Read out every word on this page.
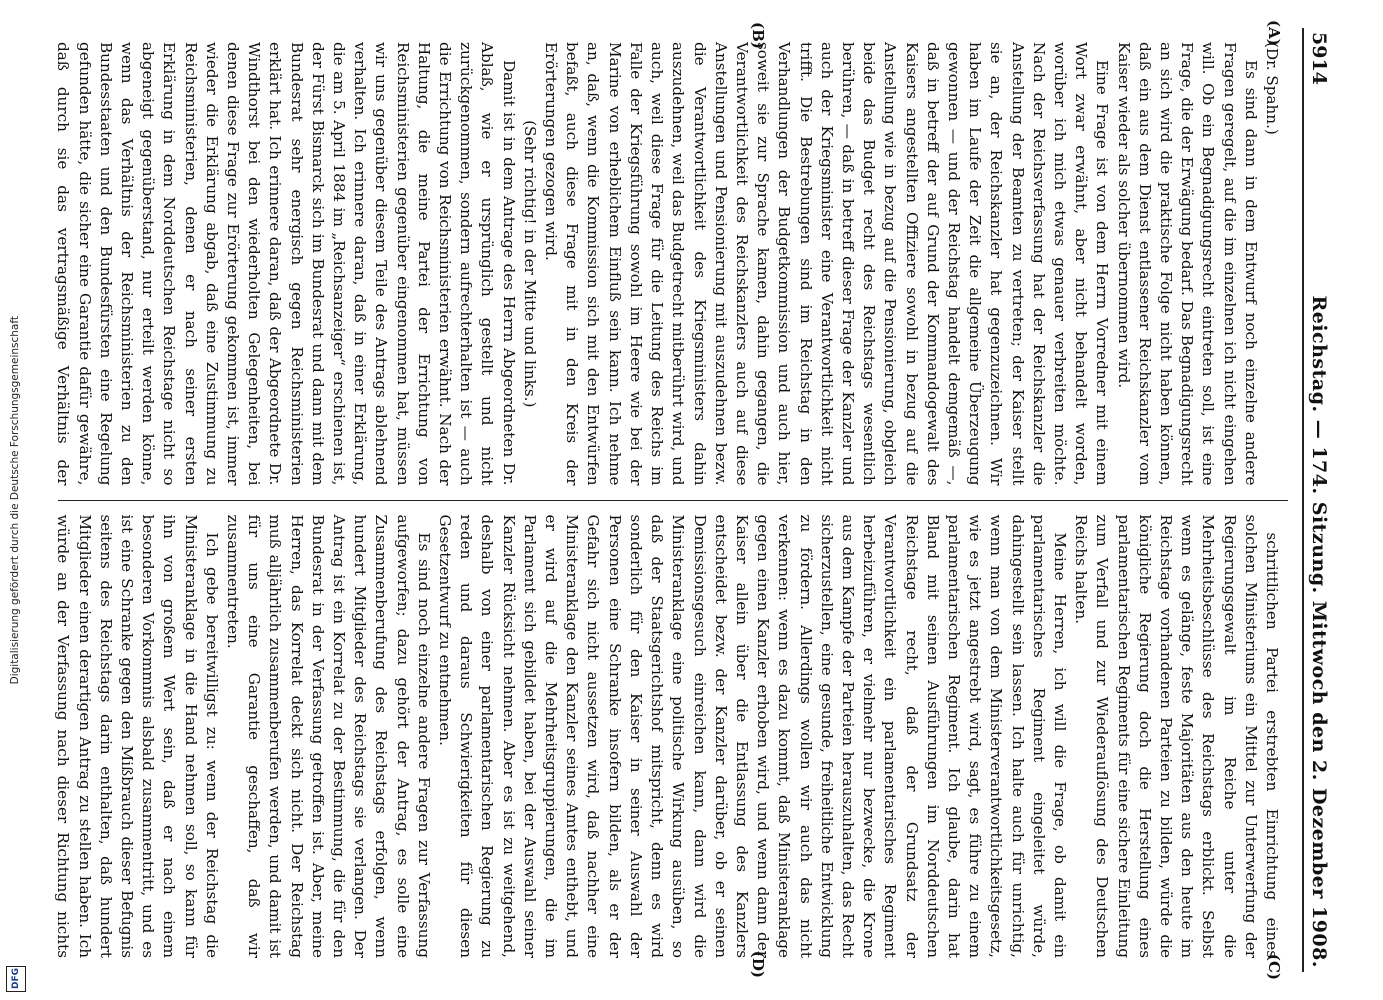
Digitalisierung gefördert durch die Deutsche Forschungsgemeinschaft
DFG
5914
Reichstag. — 174. Sitzung. Mittwoch den 2. Dezember 1908.
(A)
(B)

(Dr. Spahn.)

Es sind dann in dem Entwurf noch einzelne andere Fragen geregelt, auf die im einzelnen ich nicht eingehen will. Ob ein Begnadigungsrecht eintreten soll, ist eine Frage, die der Erwägung bedarf. Das Begnadigungsrecht an sich wird die praktische Folge nicht haben können, daß ein aus dem Dienst entlassener Reichskanzler vom Kaiser wieder als solcher übernommen wird.

Eine Frage ist von dem Herrn Vorredner mit einem Wort zwar erwähnt, aber nicht behandelt worden, worüber ich mich etwas genauer verbreiten möchte. Nach der Reichsverfassung hat der Reichskanzler die Anstellung der Beamten zu vertreten; der Kaiser stellt sie an, der Reichskanzler hat gegenzuzeichnen. Wir haben im Laufe der Zeit die allgemeine Überzeugung gewonnen — und der Reichstag handelt demgemäß —, daß in betreff der auf Grund der Kommandogewalt des Kaisers angestellten Offiziere sowohl in bezug auf die Anstellung wie in bezug auf die Pensionierung, obgleich beide das Budget recht des Reichstags wesentlich berühren, — daß in betreff dieser Frage der Kanzler und auch der Kriegsminister eine Verantwortlichkeit nicht trifft. Die Bestrebungen sind im Reichstag in den Verhandlungen der Budgetkommission und auch hier, soweit sie zur Sprache kamen, dahin gegangen, die Verantwortlichkeit des Reichskanzlers auch auf diese Anstellungen und Pensionierung mit auszudehnen bezw. die Verantwortlichkeit des Kriegsministers dahin auszudehnen, weil das Budgetrecht mitberührt wird, und auch, weil diese Frage für die Leitung des Reichs im Falle der Kriegsführung sowohl im Heere wie bei der Marine von erheblichem Einfluß sein kann. Ich nehme an, daß, wenn die Kommission sich mit den Entwürfen befaßt, auch diese Frage mit in den Kreis der Erörterungen gezogen wird.

(Sehr richtig! in der Mitte und links.)

Damit ist in dem Antrage des Herrn Abgeordneten Dr. Ablaß, wie er ursprünglich gestellt und nicht zurückgenommen, sondern aufrechterhalten ist — auch die Errichtung von Reichsministerien erwähnt. Nach der Haltung, die meine Partei der Errichtung von Reichsministerien gegenüber eingenommen hat, müssen wir uns gegenüber diesem Teile des Antrags ablehnend verhalten. Ich erinnere daran, daß in einer Erklärung, die am 5. April 1884 im „Reichsanzeiger“ erschienen ist, der Fürst Bismarck sich im Bundesrat und dann mit dem Bundesrat sehr energisch gegen Reichsministerien erklärt hat. Ich erinnere daran, daß der Abgeordnete Dr. Windthorst bei den wiederholten Gelegenheiten, bei denen diese Frage zur Erörterung gekommen ist, immer wieder die Erklärung abgab, daß eine Zustimmung zu Reichsministerien, denen er nach seiner ersten Erklärung in dem Norddeutschen Reichstage nicht so abgeneigt gegenüberstand, nur erteilt werden könne, wenn das Verhältnis der Reichsministerien zu den Bundesstaaten und den Bundesfürsten eine Regelung gefunden hätte, die sicher eine Garantie dafür gewähre, daß durch sie das vertragsmäßige Verhältnis der

(C)
(D)

schrittlichen Partei erstrebten Einrichtung eines solchen Ministeriums ein Mittel zur Unterwerfung der Regierungsgewalt im Reiche unter die Mehrheitsbeschlüsse des Reichstags erblickt. Selbst wenn es gelänge, feste Majoritäten aus den heute im Reichstage vorhandenen Parteien zu bilden, würde die königliche Regierung doch die Herstellung eines parlamentarischen Regiments für eine sichere Einleitung zum Verfall und zur Wiederauflösung des Deutschen Reichs halten.

Meine Herren, ich will die Frage, ob damit ein parlamentarisches Regiment eingeleitet würde, dahingestellt sein lassen. Ich halte auch für unrichtig, wenn man von dem Ministerverantwortlichkeitsgesetz, wie es jetzt angestrebt wird, sagt, es führe zu einem parlamentarischen Regiment. Ich glaube, darin hat Bland mit seinen Ausführungen im Norddeutschen Reichstage recht, daß der Grundsatz der Verantwortlichkeit ein parlamentarisches Regiment herbeizuführen, er vielmehr nur bezwecke, die Krone aus dem Kampfe der Parteien herauszuhalten, das Recht sicherzustellen, eine gesunde, freiheitliche Entwicklung zu fördern. Allerdings wollen wir auch das nicht verkennen: wenn es dazu kommt, daß Ministeranklage gegen einen Kanzler erhoben wird, und wenn dann der Kaiser allein über die Entlassung des Kanzlers entscheidet bezw. der Kanzler darüber, ob er seinen Demissionsgesuch einreichen kann, dann wird die Ministeranklage eine politische Wirkung ausüben, so daß der Staatsgerichtshof mitspricht, denn es wird sonderlich für den Kaiser in seiner Auswahl der Personen eine Schranke insofern bilden, als er der Gefahr sich nicht aussetzen wird, daß nachher eine Ministeranklage den Kanzler seines Amtes enthebt, und er wird auf die Mehrheitsgruppierungen, die im Parlament sich gebildet haben, bei der Auswahl seiner Kanzler Rücksicht nehmen. Aber es ist zu weitgehend, deshalb von einer parlamentarischen Regierung zu reden und daraus Schwierigkeiten für diesen Gesetzentwurf zu entnehmen.

Es sind noch einzelne andere Fragen zur Verfassung aufgeworfen; dazu gehört der Antrag, es solle eine Zusammenberufung des Reichstags erfolgen, wenn hundert Mitglieder des Reichstags sie verlangen. Der Antrag ist ein Korrelat zu der Bestimmung, die für den Bundesrat in der Verfassung getroffen ist. Aber, meine Herren, das Korrelat deckt sich nicht. Der Reichstag muß alljährlich zusammenberufen werden, und damit ist für uns eine Garantie geschaffen, daß wir zusammentreten.

Ich gebe bereitwilligst zu: wenn der Reichstag die Ministeranklage in die Hand nehmen soll, so kann für ihn von großem Wert sein, daß er nach einem besonderen Vorkommnis alsbald zusammentritt, und es ist eine Schranke gegen den Mißbrauch dieser Befugnis seitens des Reichstags darin enthalten, daß hundert Mitglieder einen derartigen Antrag zu stellen haben. Ich würde an der Verfassung nach dieser Richtung nichts
